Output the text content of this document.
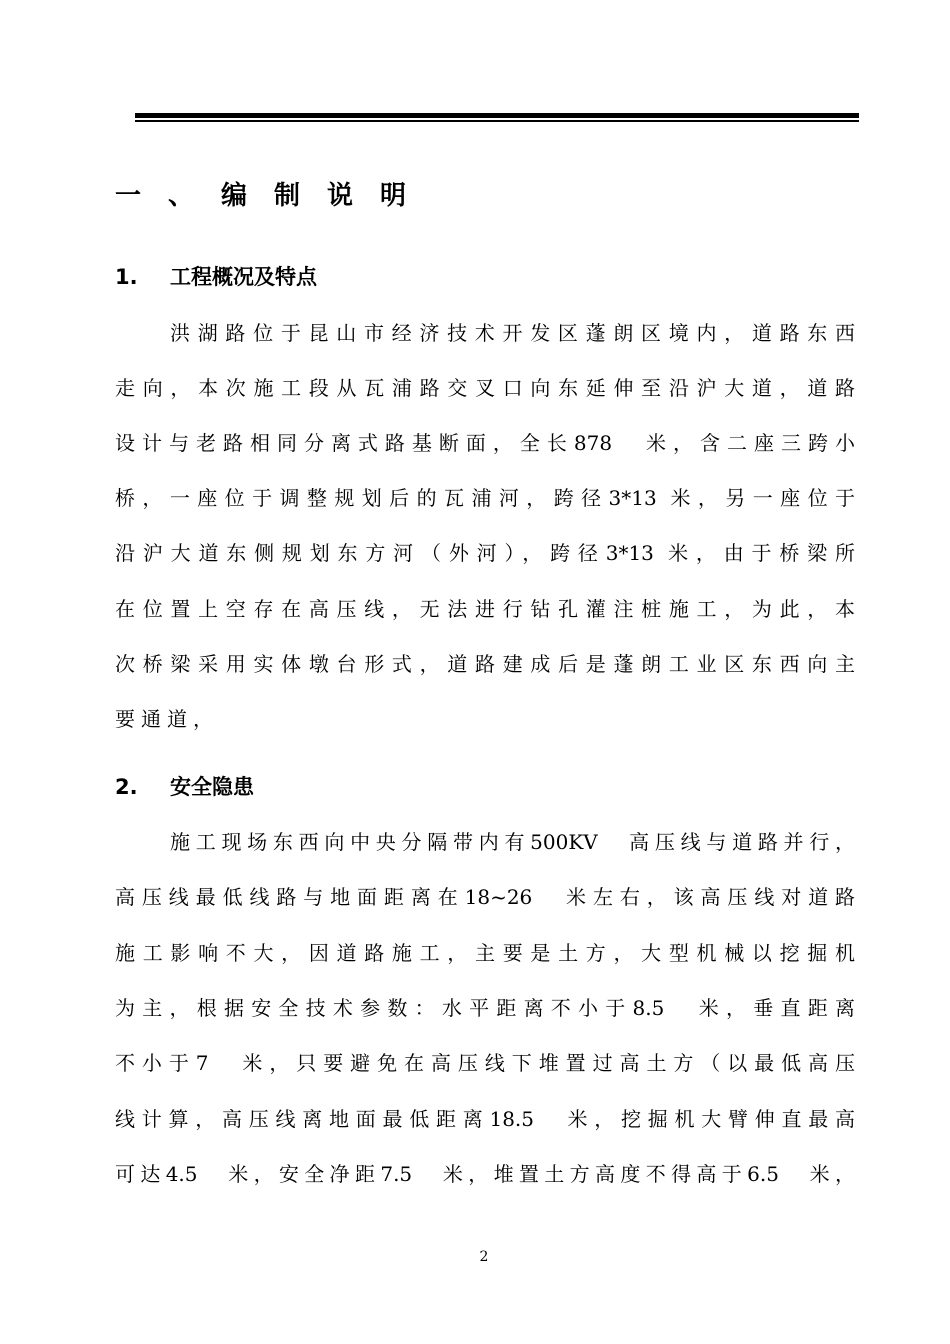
一、编制说明
1. 工程概况及特点
洪湖路位于昆山市经济技术开发区蓬朗区境内，道路东西
走向，本次施工段从瓦浦路交叉口向东延伸至沿沪大道，道路
设计与老路相同分离式路基断面，全长878　米，含二座三跨小
桥，一座位于调整规划后的瓦浦河，跨径3*13 米，另一座位于
沿沪大道东侧规划东方河（外河），跨径3*13 米，由于桥梁所
在位置上空存在高压线，无法进行钻孔灌注桩施工，为此，本
次桥梁采用实体墩台形式，道路建成后是蓬朗工业区东西向主
要通道，
2. 安全隐患
施工现场东西向中央分隔带内有500KV　高压线与道路并行，
高压线最低线路与地面距离在18~26　米左右，该高压线对道路
施工影响不大，因道路施工，主要是土方，大型机械以挖掘机
为主，根据安全技术参数：水平距离不小于8.5　米，垂直距离
不小于7　米，只要避免在高压线下堆置过高土方（以最低高压
线计算，高压线离地面最低距离18.5　米，挖掘机大臂伸直最高
可达4.5　米，安全净距7.5　米，堆置土方高度不得高于6.5　米，
2
